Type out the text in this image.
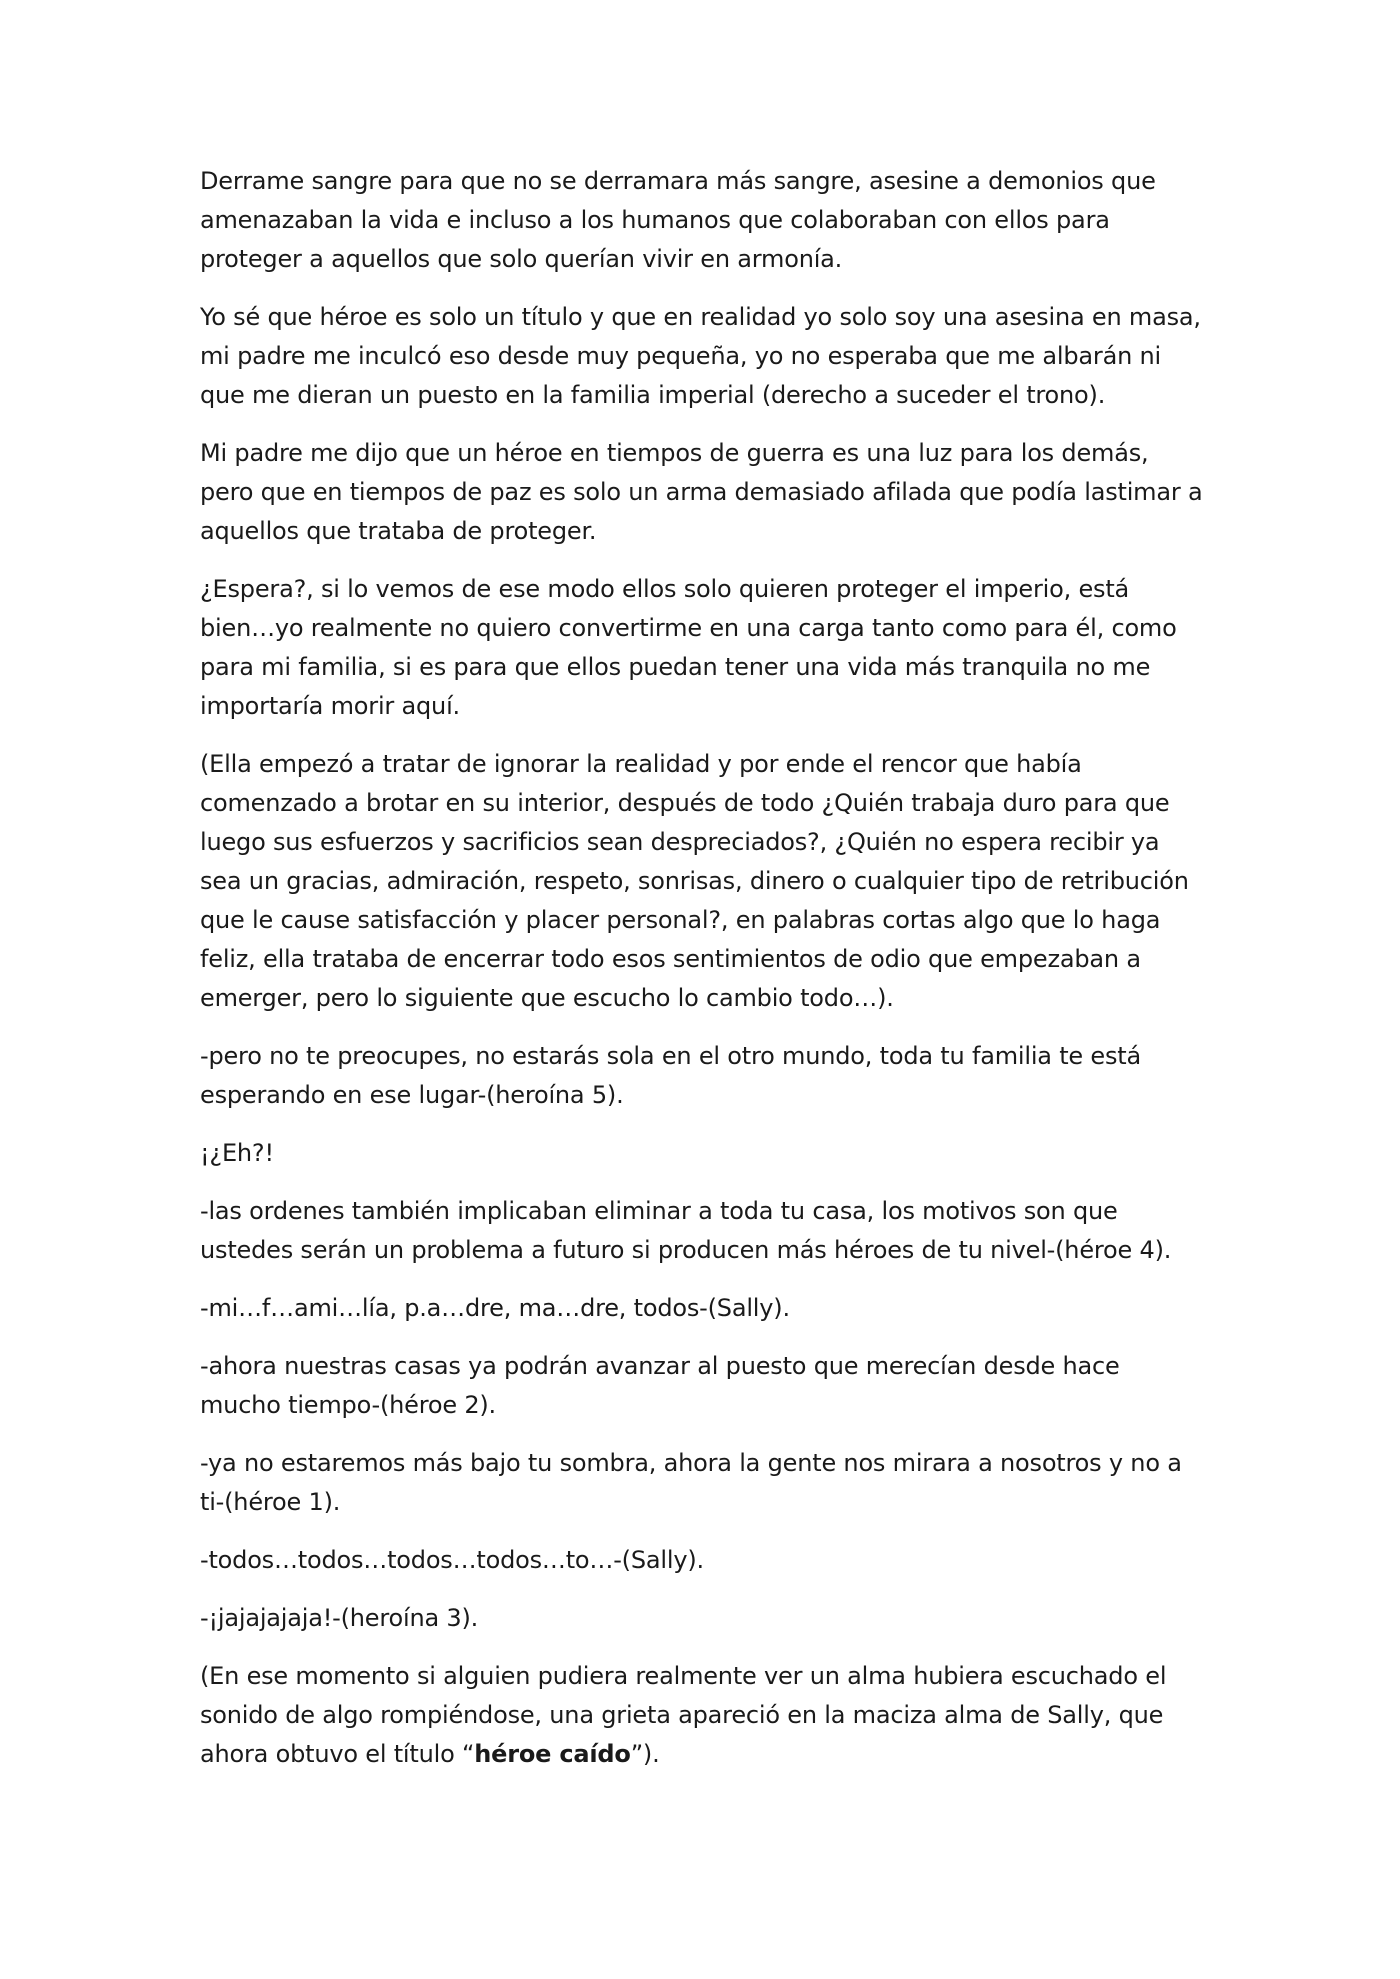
Derrame sangre para que no se derramara más sangre, asesine a demonios que amenazaban la vida e incluso a los humanos que colaboraban con ellos para proteger a aquellos que solo querían vivir en armonía.

Yo sé que héroe es solo un título y que en realidad yo solo soy una asesina en masa, mi padre me inculcó eso desde muy pequeña, yo no esperaba que me albarán ni que me dieran un puesto en la familia imperial (derecho a suceder el trono).

Mi padre me dijo que un héroe en tiempos de guerra es una luz para los demás, pero que en tiempos de paz es solo un arma demasiado afilada que podía lastimar a aquellos que trataba de proteger.

¿Espera?, si lo vemos de ese modo ellos solo quieren proteger el imperio, está bien…yo realmente no quiero convertirme en una carga tanto como para él, como para mi familia, si es para que ellos puedan tener una vida más tranquila no me importaría morir aquí.

(Ella empezó a tratar de ignorar la realidad y por ende el rencor que había comenzado a brotar en su interior, después de todo ¿Quién trabaja duro para que luego sus esfuerzos y sacrificios sean despreciados?, ¿Quién no espera recibir ya sea un gracias, admiración, respeto, sonrisas, dinero o cualquier tipo de retribución que le cause satisfacción y placer personal?, en palabras cortas algo que lo haga feliz, ella trataba de encerrar todo esos sentimientos de odio que empezaban a emerger, pero lo siguiente que escucho lo cambio todo…).

-pero no te preocupes, no estarás sola en el otro mundo, toda tu familia te está esperando en ese lugar-(heroína 5).

¡¿Eh?!

-las ordenes también implicaban eliminar a toda tu casa, los motivos son que ustedes serán un problema a futuro si producen más héroes de tu nivel-(héroe 4).

-mi…f…ami…lía, p.a…dre, ma…dre, todos-(Sally).

-ahora nuestras casas ya podrán avanzar al puesto que merecían desde hace mucho tiempo-(héroe 2).

-ya no estaremos más bajo tu sombra, ahora la gente nos mirara a nosotros y no a ti-(héroe 1).

-todos…todos…todos…todos…to…-(Sally).

-¡jajajajaja!-(heroína 3).

(En ese momento si alguien pudiera realmente ver un alma hubiera escuchado el sonido de algo rompiéndose, una grieta apareció en la maciza alma de Sally, que ahora obtuvo el título “héroe caído”).
